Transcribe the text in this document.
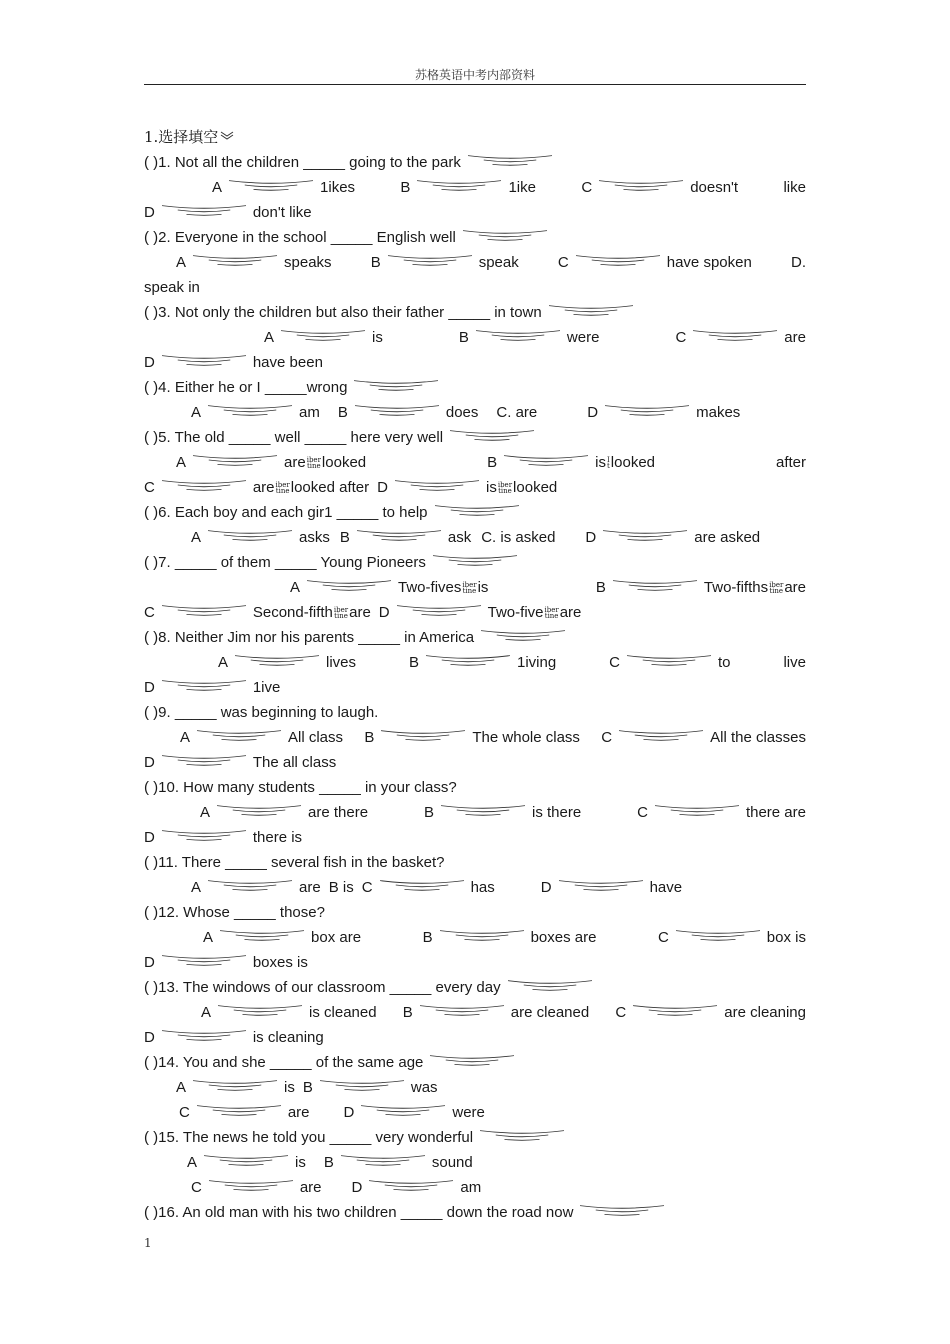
苏格英语中考内部资料
1.选择填空
( )1. Not all the children _____ going to the park
A	1ikes	B	1ike	C	doesn't	like
D	don't like
( )2. Everyone in the school _____ English well
A	speaks	B	speak	C	have spoken	D.
speak in
( )3. Not only the children but also their father _____ in town
A	is	B	were	C	are
D	have been
( )4. Either he or I _____wrong
A	am B	does C. are	D	makes
( )5. The old _____ well _____ here very well
A	are iber
tine looked	B	is I
t looked	after
C	are iber
tine looked after D	is iber
tine looked
( )6. Each boy and each gir1 _____ to help
A	asks B	ask C. is asked D	are asked
( )7. _____ of them _____ Young Pioneers
A	Two-fives iber
tine is	B	Two-fifths iber
tine are
C	Second-fifth iber
tine are D	Two-five iber
tine are
( )8. Neither Jim nor his parents _____ in America
A	lives	B	1iving	C	to	live
D	1ive
( )9. _____ was beginning to laugh.
A	All class B	The whole class C	All the classes
D	The all class
( )10. How many students _____ in your class?
A	are there	B	is there	C	there are
D	there is
( )11. There _____ several fish in the basket?
A	are B is C	has	D	have
( )12. Whose _____ those?
A	box are	B	boxes are	C	box is
D	boxes is
( )13. The windows of our classroom _____ every day
A	is cleaned B	are cleaned C	are cleaning
D	is cleaning
( )14. You and she _____ of the same age
A	is B	was
C	are D	were
( )15. The news he told you _____ very wonderful
A	is B	sound
C	are D	am
( )16. An old man with his two children _____ down the road now
1
